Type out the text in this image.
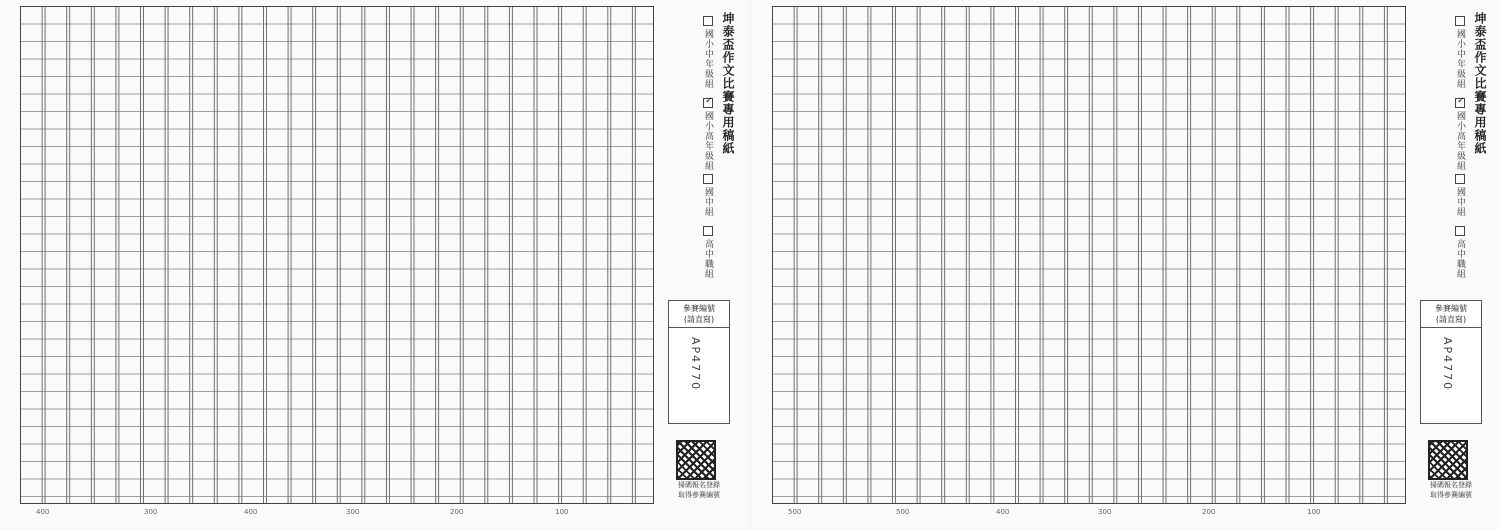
400	300	400	300	200	100
坤泰盃作文比賽專用稿紙
國小中年級組
✓國小高年級組
國中組
高中職組
參賽編號
(請直寫)
AP4770
掃碼報名登錄
取得參賽編號
500	500	400	300	200	100
坤泰盃作文比賽專用稿紙
國小中年級組
✓國小高年級組
國中組
高中職組
參賽編號
(請直寫)
AP4770
掃碼報名登錄
取得參賽編號
